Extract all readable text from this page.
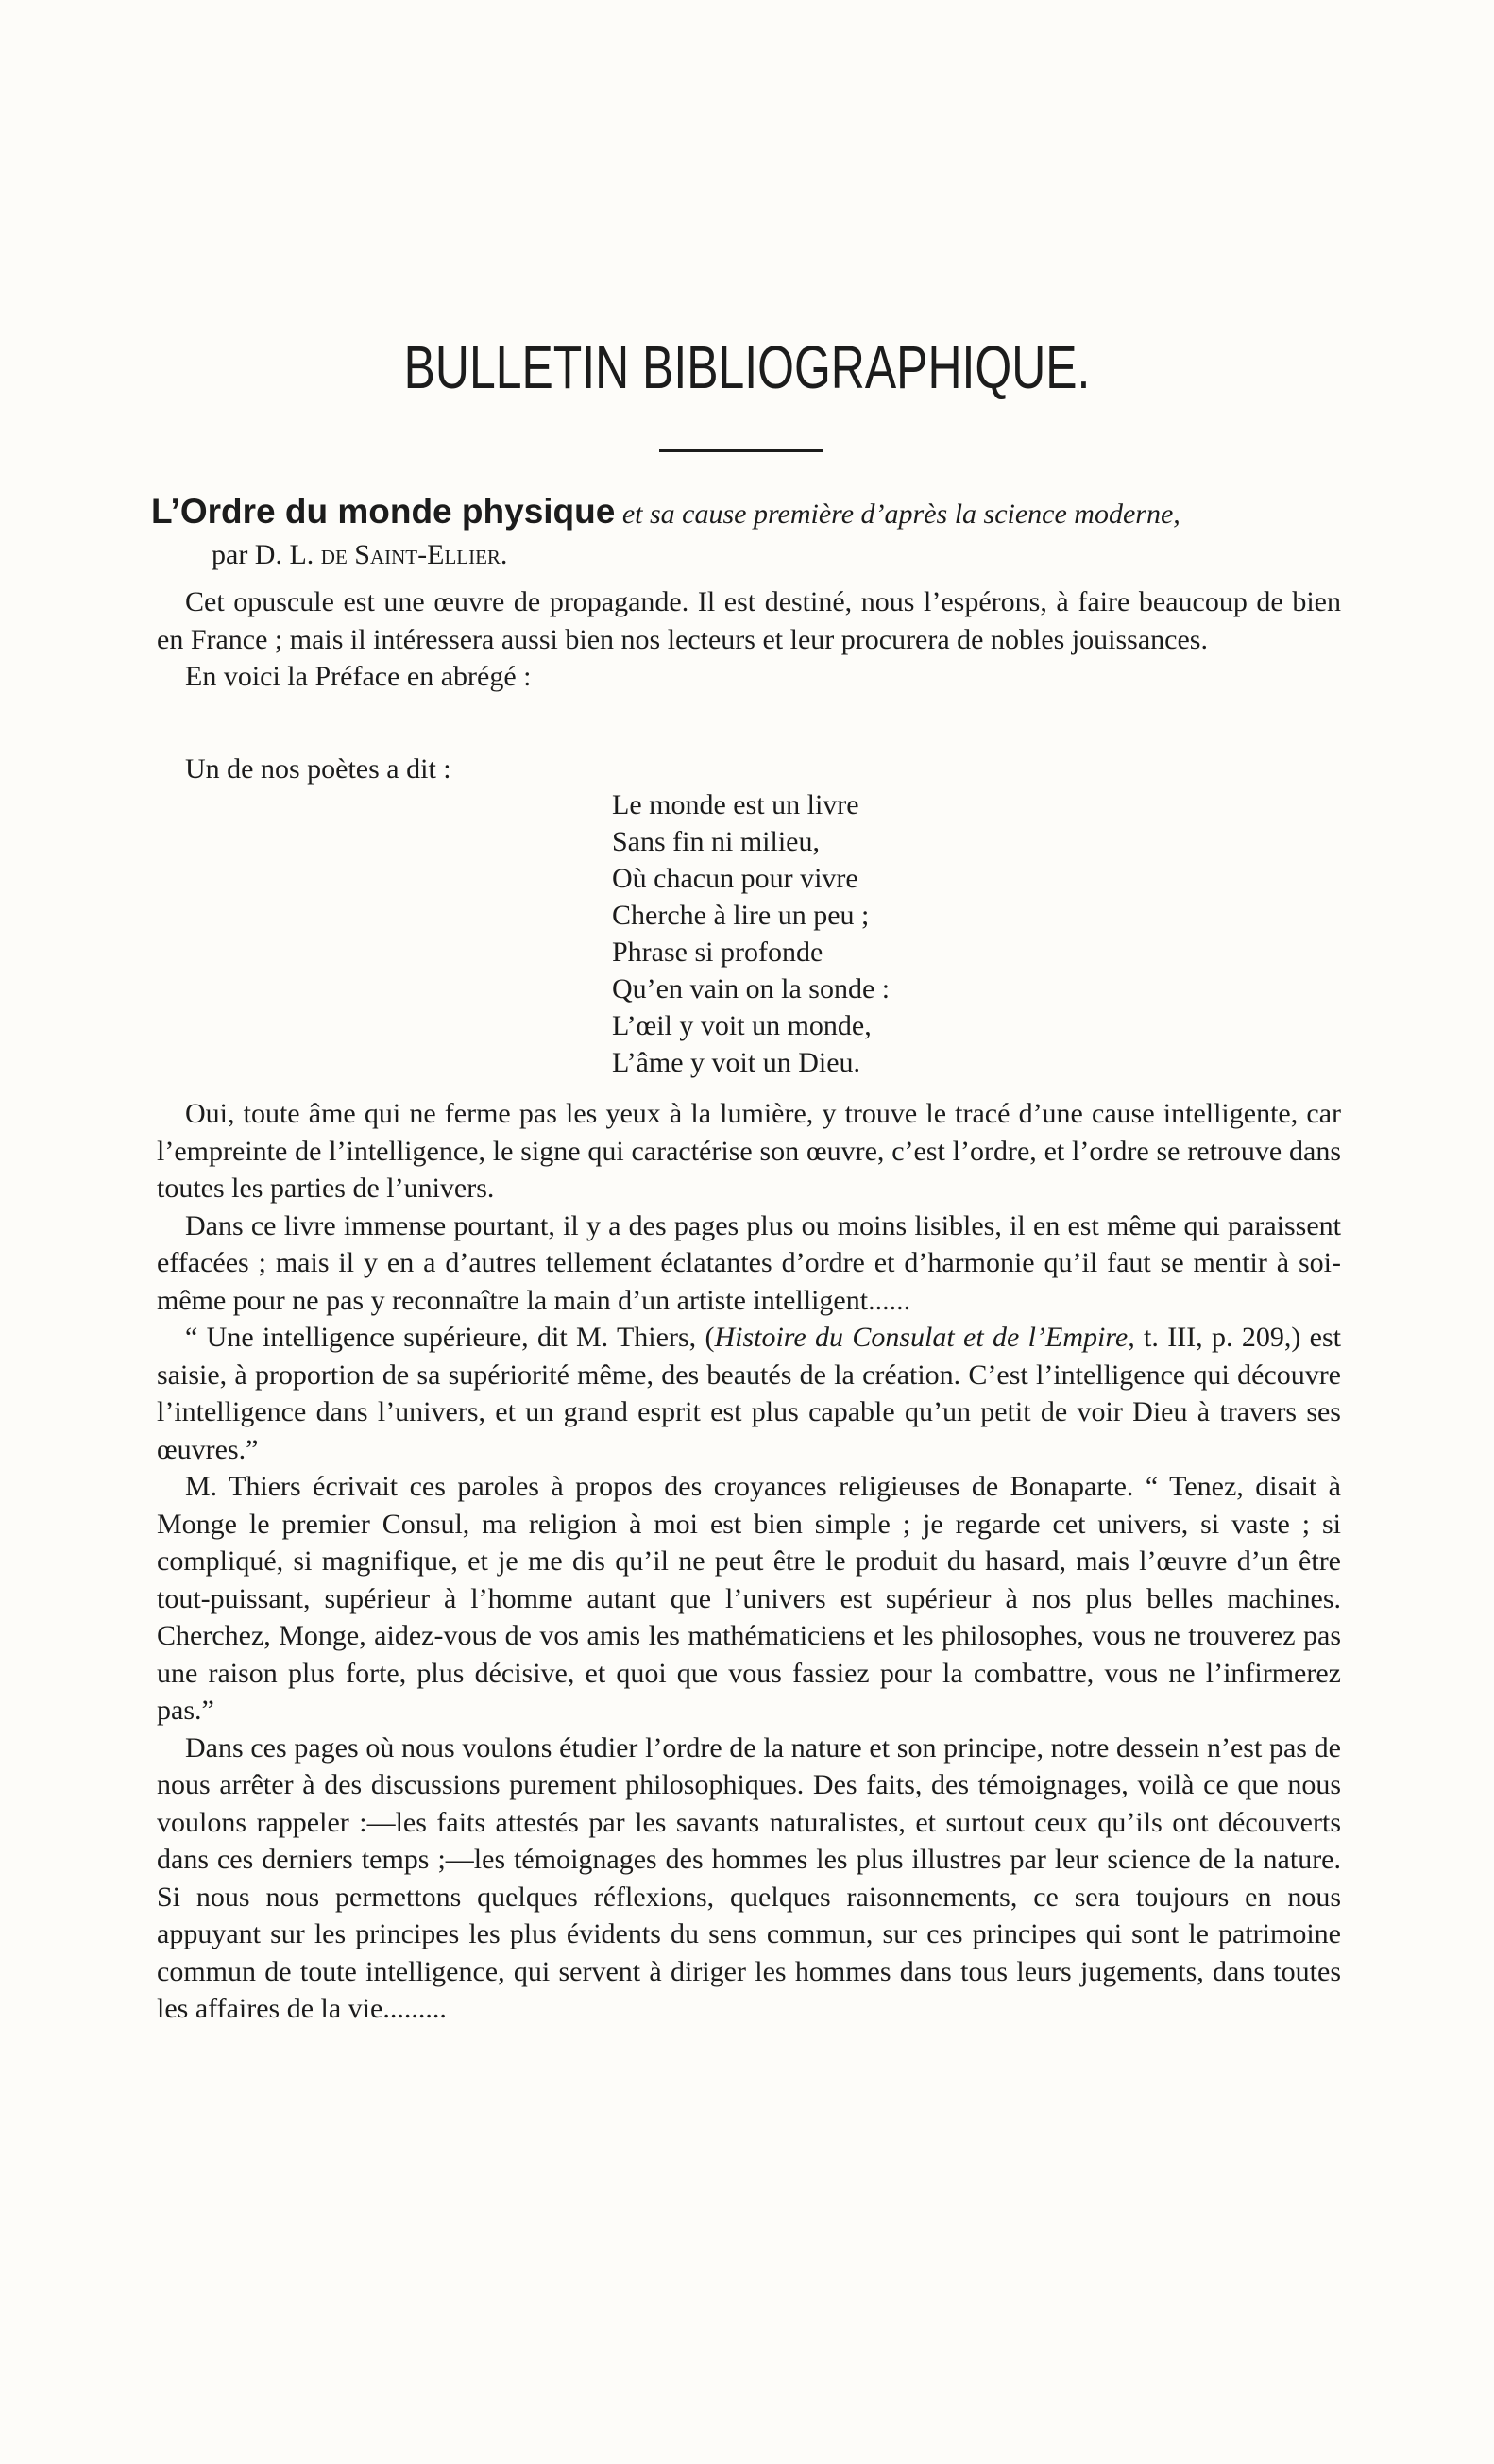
BULLETIN BIBLIOGRAPHIQUE.
L’Ordre du monde physique et sa cause première d’après la science moderne,
par D. L. de Saint-Ellier.

Cet opuscule est une œuvre de propagande. Il est destiné, nous l’espérons, à faire beaucoup de bien en France ; mais il intéressera aussi bien nos lecteurs et leur procurera de nobles jouissances.

En voici la Préface en abrégé :

Un de nos poètes a dit :
Le monde est un livre
Sans fin ni milieu,
Où chacun pour vivre
Cherche à lire un peu ;
Phrase si profonde
Qu’en vain on la sonde :
L’œil y voit un monde,
L’âme y voit un Dieu.

Oui, toute âme qui ne ferme pas les yeux à la lumière, y trouve le tracé d’une cause intelligente, car l’empreinte de l’intelligence, le signe qui caractérise son œuvre, c’est l’ordre, et l’ordre se retrouve dans toutes les parties de l’univers.

Dans ce livre immense pourtant, il y a des pages plus ou moins lisibles, il en est même qui paraissent effacées ; mais il y en a d’autres tellement éclatantes d’ordre et d’harmonie qu’il faut se mentir à soi-même pour ne pas y reconnaître la main d’un artiste intelligent......

“ Une intelligence supérieure, dit M. Thiers, (Histoire du Consulat et de l’Empire, t. III, p. 209,) est saisie, à proportion de sa supériorité même, des beautés de la création. C’est l’intelligence qui découvre l’intelligence dans l’univers, et un grand esprit est plus capable qu’un petit de voir Dieu à travers ses œuvres.”

M. Thiers écrivait ces paroles à propos des croyances religieuses de Bonaparte. “ Tenez, disait à Monge le premier Consul, ma religion à moi est bien simple ; je regarde cet univers, si vaste ; si compliqué, si magnifique, et je me dis qu’il ne peut être le produit du hasard, mais l’œuvre d’un être tout-puissant, supérieur à l’homme autant que l’univers est supérieur à nos plus belles machines. Cherchez, Monge, aidez-vous de vos amis les mathématiciens et les philosophes, vous ne trouverez pas une raison plus forte, plus décisive, et quoi que vous fassiez pour la combattre, vous ne l’infirmerez pas.”

Dans ces pages où nous voulons étudier l’ordre de la nature et son principe, notre dessein n’est pas de nous arrêter à des discussions purement philosophiques. Des faits, des témoignages, voilà ce que nous voulons rappeler :—les faits attestés par les savants naturalistes, et surtout ceux qu’ils ont découverts dans ces derniers temps ;—les témoignages des hommes les plus illustres par leur science de la nature. Si nous nous permettons quelques réflexions, quelques raisonnements, ce sera toujours en nous appuyant sur les principes les plus évidents du sens commun, sur ces principes qui sont le patrimoine commun de toute intelligence, qui servent à diriger les hommes dans tous leurs jugements, dans toutes les affaires de la vie.........
